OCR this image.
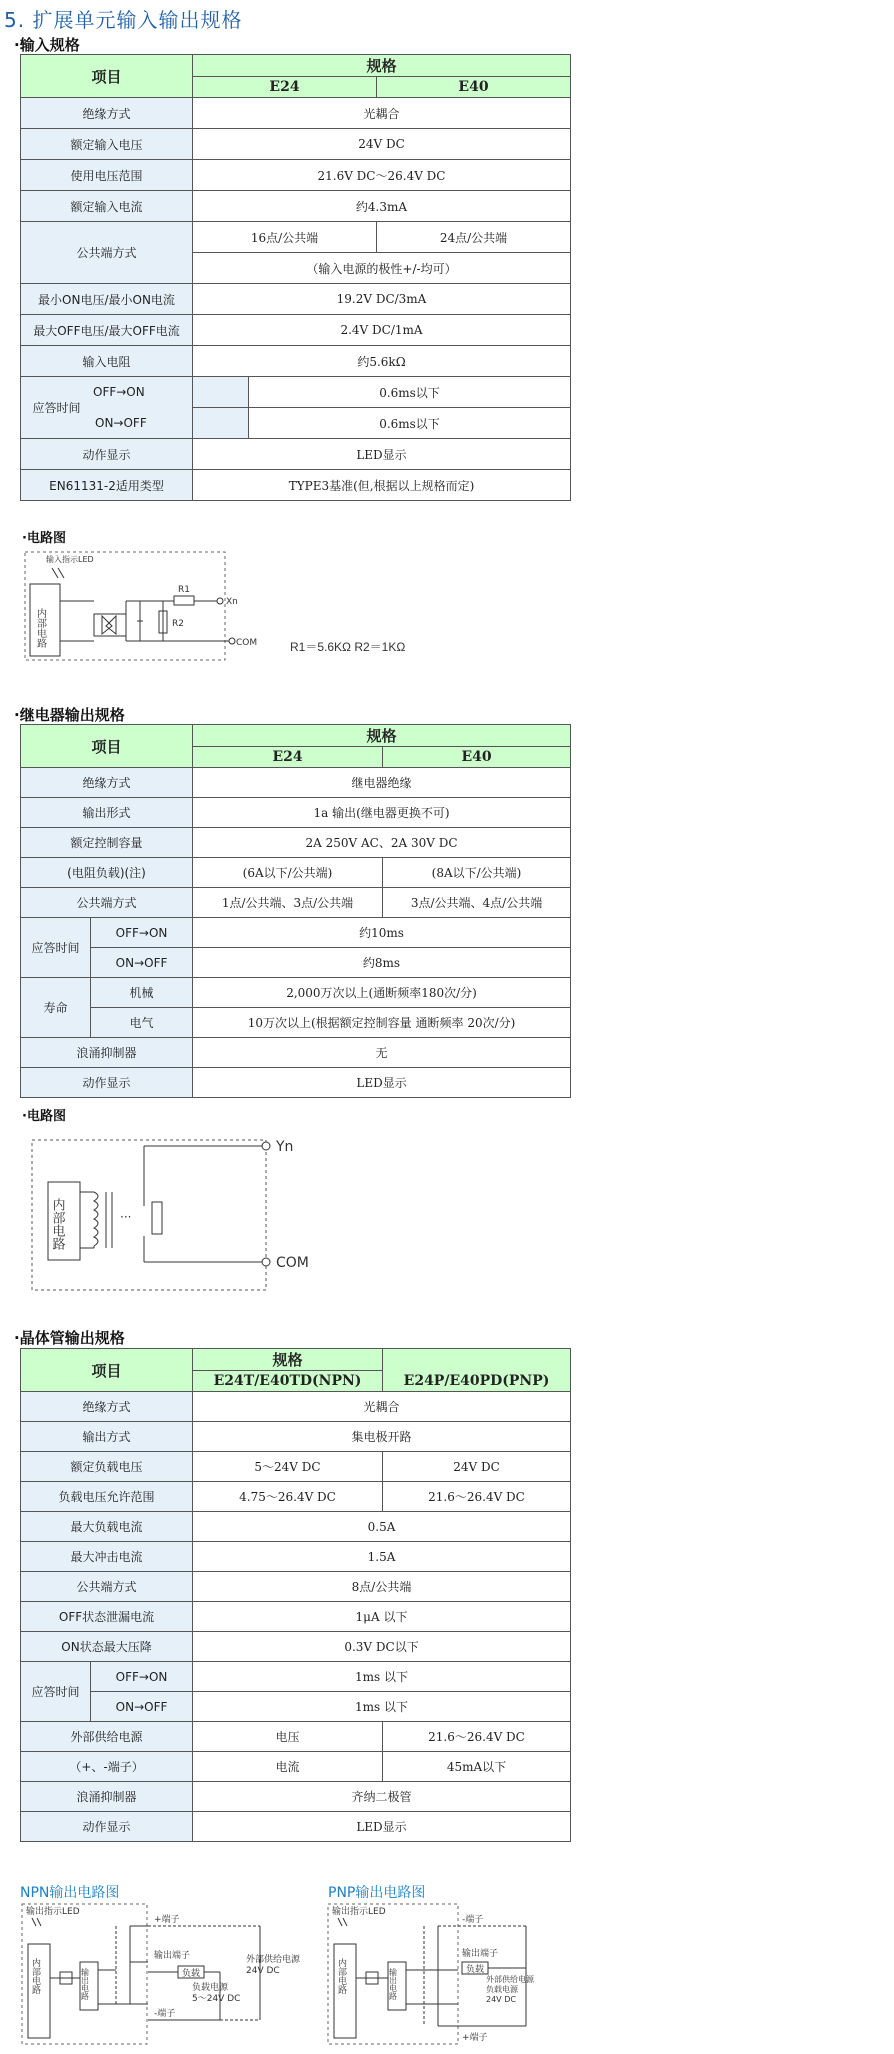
5. 扩展单元输入输出规格
·输入规格
项目	规格		
	E24		E40
绝缘方式	光耦合		
额定输入电压	24V DC		
使用电压范围	21.6V DC～26.4V DC		
额定输入电流	约4.3mA		
公共端方式	16点/公共端		24点/公共端
	（输入电源的极性+/-均可）		
最小ON电压/最小ON电流	19.2V DC/3mA		
最大OFF电压/最大OFF电流	2.4V DC/1mA		
输入电阻	约5.6kΩ		
应答时间	OFF→ON	0.6ms以下	
	ON→OFF	0.6ms以下	
动作显示	LED显示		
EN61131-2适用类型	TYPE3基准(但,根据以上规格而定)		
·电路图
输入指示LED
内部电路	R2
R1
Xn
COM	R1＝5.6KΩ R2＝1KΩ
·继电器输出规格
项目		规格	
		E24	E40
绝缘方式		继电器绝缘	
输出形式		1a 输出(继电器更换不可)	
额定控制容量		2A 250V AC、2A 30V DC	
(电阻负载)(注)		(6A以下/公共端)	(8A以下/公共端)
公共端方式		1点/公共端、3点/公共端	3点/公共端、4点/公共端
应答时间	OFF→ON	约10ms	
	ON→OFF	约8ms	
寿命	机械	2,000万次以上(通断频率180次/分)	
	电气	10万次以上(根据额定控制容量 通断频率 20次/分)	
浪涌抑制器		无	
动作显示		LED显示	
·电路图
内部电路	···
Yn
COM
·晶体管输出规格
项目		规格	
		E24T/E40TD(NPN)	E24P/E40PD(PNP)
绝缘方式		光耦合	
输出方式		集电极开路	
额定负载电压		5～24V DC	24V DC
负载电压允许范围		4.75～26.4V DC	21.6～26.4V DC
最大负载电流		0.5A	
最大冲击电流		1.5A	
公共端方式		8点/公共端	
OFF状态泄漏电流		1μA 以下	
ON状态最大压降		0.3V DC以下	
应答时间	OFF→ON	1ms 以下	
	ON→OFF	1ms 以下	
外部供给电源		电压	21.6～26.4V DC
（+、-端子）		电流	45mA以下
浪涌抑制器		齐纳二极管	
动作显示		LED显示	
NPN输出电路图	PNP输出电路图
输出指示LED
内部电路	输出电路
+端子
输出端子
负载
-端子
负载电源
5～24V DC
外部供给电源
24V DC
输出指示LED
内部电路	输出电路
-端子
输出端子
负载
+端子
外部供给电源
负载电源
24V DC
